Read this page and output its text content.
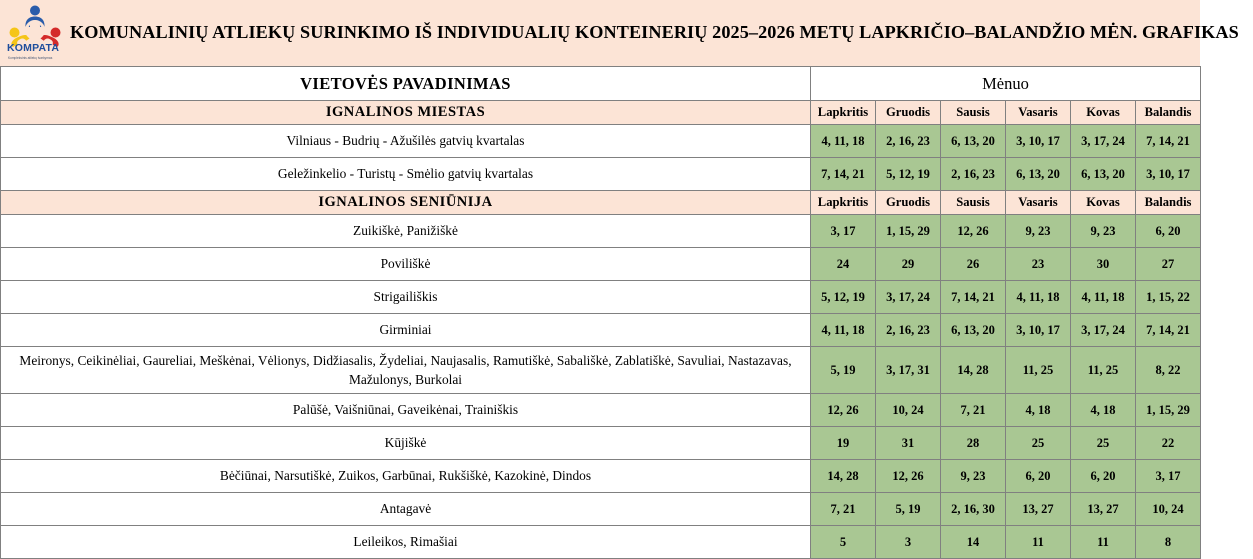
KOMPATA
Kompleksinis atliekų tvarkymas
KOMUNALINIŲ ATLIEKŲ SURINKIMO IŠ INDIVIDUALIŲ KONTEINERIŲ 2025–2026 METŲ LAPKRIČIO–BALANDŽIO MĖN. GRAFIKAS
VIETOVĖS PAVADINIMAS	Mėnuo					
IGNALINOS MIESTAS	Lapkritis	Gruodis	Sausis	Vasaris	Kovas	Balandis
Vilniaus - Budrių - Ažušilės gatvių kvartalas	4, 11, 18	2, 16, 23	6, 13, 20	3, 10, 17	3, 17, 24	7, 14, 21
Geležinkelio - Turistų - Smėlio gatvių kvartalas	7, 14, 21	5, 12, 19	2, 16, 23	6, 13, 20	6, 13, 20	3, 10, 17
IGNALINOS SENIŪNIJA	Lapkritis	Gruodis	Sausis	Vasaris	Kovas	Balandis
Zuikiškė, Panižiškė	3, 17	1, 15, 29	12, 26	9, 23	9, 23	6, 20
Poviliškė	24	29	26	23	30	27
Strigailiškis	5, 12, 19	3, 17, 24	7, 14, 21	4, 11, 18	4, 11, 18	1, 15, 22
Girminiai	4, 11, 18	2, 16, 23	6, 13, 20	3, 10, 17	3, 17, 24	7, 14, 21
Meironys, Ceikinėliai, Gaureliai, Meškėnai, Vėlionys, Didžiasalis, Žydeliai, Naujasalis, Ramutiškė, Sabališkė, Zablatiškė, Savuliai, Nastazavas, Mažulonys, Burkolai	5, 19	3, 17, 31	14, 28	11, 25	11, 25	8, 22
Palūšė, Vaišniūnai, Gaveikėnai, Trainiškis	12, 26	10, 24	7, 21	4, 18	4, 18	1, 15, 29
Kūjiškė	19	31	28	25	25	22
Bėčiūnai, Narsutiškė, Zuikos, Garbūnai, Rukšiškė, Kazokinė, Dindos	14, 28	12, 26	9, 23	6, 20	6, 20	3, 17
Antagavė	7, 21	5, 19	2, 16, 30	13, 27	13, 27	10, 24
Leileikos, Rimašiai	5	3	14	11	11	8
